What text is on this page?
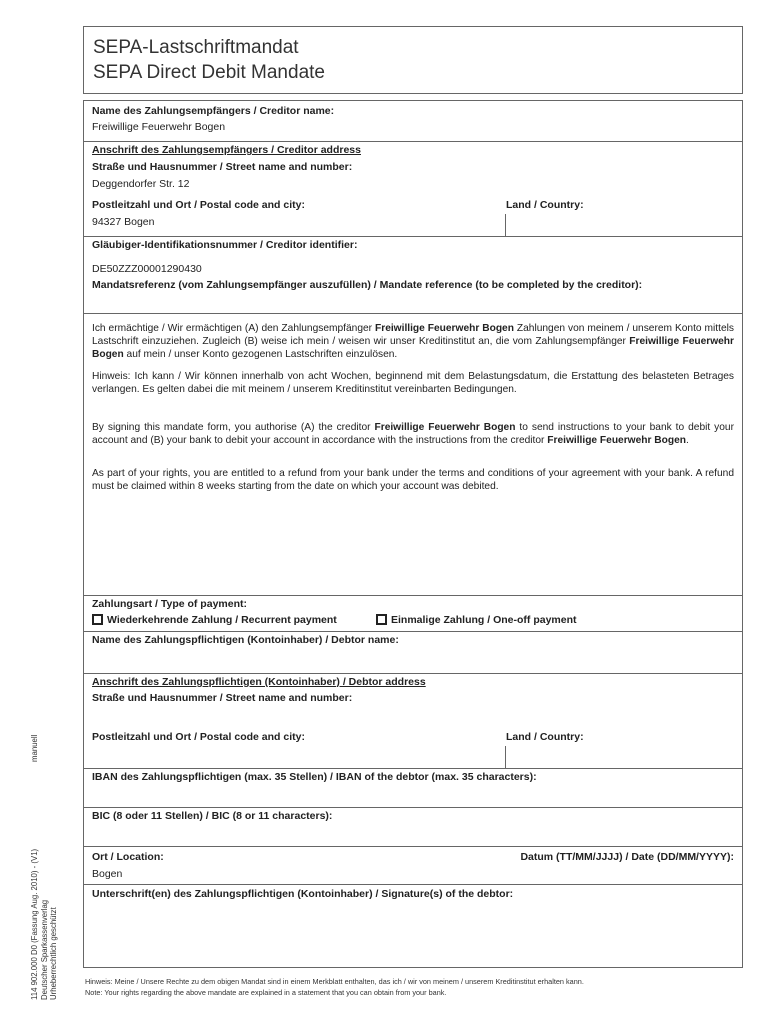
SEPA-Lastschriftmandat
SEPA Direct Debit Mandate
Name des Zahlungsempfängers / Creditor name:
Freiwillige Feuerwehr Bogen
Anschrift des Zahlungsempfängers / Creditor address
Straße und Hausnummer / Street name and number:
Deggendorfer Str. 12
Postleitzahl und Ort / Postal code and city:
94327 Bogen
Land / Country:
Gläubiger-Identifikationsnummer / Creditor identifier:
DE50ZZZ00001290430
Mandatsreferenz (vom Zahlungsempfänger auszufüllen) / Mandate reference (to be completed by the creditor):
Ich ermächtige / Wir ermächtigen (A) den Zahlungsempfänger Freiwillige Feuerwehr Bogen Zahlungen von meinem / unserem Konto mittels Lastschrift einzuziehen. Zugleich (B) weise ich mein / weisen wir unser Kreditinstitut an, die vom Zahlungsempfänger Freiwillige Feuerwehr Bogen auf mein / unser Konto gezogenen Lastschriften einzulösen.
Hinweis: Ich kann / Wir können innerhalb von acht Wochen, beginnend mit dem Belastungsdatum, die Erstattung des belasteten Betrages verlangen. Es gelten dabei die mit meinem / unserem Kreditinstitut vereinbarten Bedingungen.
By signing this mandate form, you authorise (A) the creditor Freiwillige Feuerwehr Bogen to send instructions to your bank to debit your account and (B) your bank to debit your account in accordance with the instructions from the creditor Freiwillige Feuerwehr Bogen.
As part of your rights, you are entitled to a refund from your bank under the terms and conditions of your agreement with your bank. A refund must be claimed within 8 weeks starting from the date on which your account was debited.
Zahlungsart / Type of payment:
Wiederkehrende Zahlung / Recurrent payment	Einmalige Zahlung / One-off payment
Name des Zahlungspflichtigen (Kontoinhaber) / Debtor name:
Anschrift des Zahlungspflichtigen (Kontoinhaber) / Debtor address
Straße und Hausnummer / Street name and number:
Postleitzahl und Ort / Postal code and city:	Land / Country:
IBAN des Zahlungspflichtigen (max. 35 Stellen) / IBAN of the debtor (max. 35 characters):
BIC (8 oder 11 Stellen) / BIC (8 or 11 characters):
Ort / Location:
Bogen
Datum (TT/MM/JJJJ) / Date (DD/MM/YYYY):
Unterschrift(en) des Zahlungspflichtigen (Kontoinhaber) / Signature(s) of the debtor:
Hinweis: Meine / Unsere Rechte zu dem obigen Mandat sind in einem Merkblatt enthalten, das ich / wir von meinem / unserem Kreditinstitut erhalten kann.
Note: Your rights regarding the above mandate are explained in a statement that you can obtain from your bank.
114 902.000 D0 (Fassung Aug. 2010) - (V1) Deutscher Sparkassenverlag Urheberrechtlich geschützt
manuell
